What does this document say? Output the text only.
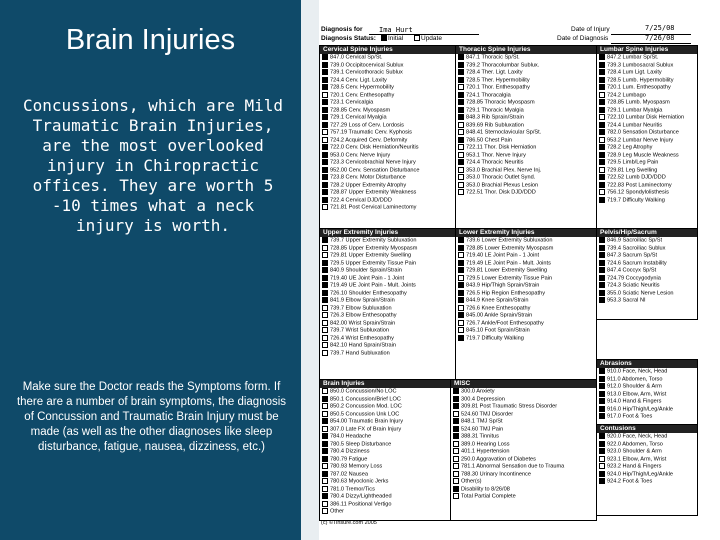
Brain Injuries
Concussions, which are Mild Traumatic Brain Injuries, are the most overlooked injury in Chiropractic offices. They are worth 5 -10 times what a neck injury is worth.
Make sure the Doctor reads the Symptoms form. If there are a number of brain symptoms, the diagnosis of Concussion and Traumatic Brain Injury must be made (as well as the other diagnoses like sleep disturbance, fatigue, nausea, dizziness, etc.)
Diagnosis for Ima Hurt
Diagnosis Status:	Initial	Update
Date of Injury	7/25/08
Date of Diagnosis	7/26/08
Cervical Spine Injuries
847.0 Cervical Sp/St.
739.0 Occipitocervical Sublux
739.1 Cervicothoracic Sublux
724.4 Cerv. Ligt. Laxity
728.5 Cerv. Hypermobility
720.1 Cerv. Enthesopathy
723.1 Cervicalgia
728.85 Cerv. Myospasm
729.1 Cervical Myalgia
727.29 Loss of Cerv. Lordosis
757.19 Traumatic Cerv. Kyphosis
724.2 Acquired Cerv. Deformity
722.0 Cerv. Disk Herniation/Neuritis
953.0 Cerv. Nerve Injury
723.3 Cervicobrachial Nerve Injury
952.00 Cerv. Sensation Disturbance
723.8 Cerv. Motor Disturbance
728.2 Upper Extremity Atrophy
728.87 Upper Extremity Weakness
722.4 Cervical DJD/DDD
721.81 Post Cervical Laminectomy
Thoracic Spine Injuries
847.1 Thoracic Sp/St.
739.2 Thoracolumbar Sublux.
728.4 Ther. Ligt. Laxity
728.5 Ther. Hypermobility
720.1 Thor. Enthesopathy
724.1 Thoracalgia
728.85 Thoracic Myospasm
729.1 Thoracic Myalgia
848.3 Rib Sprain/Strain
839.69 Rib Subluxation
848.41 Sternoclavicular Sp/St.
786.50 Chest Pain
722.11 Thor. Disk Herniation
953.1 Thor. Nerve Injury
724.4 Thoracic Neuritis
353.0 Brachial Plex. Nerve Inj.
353.0 Thoracic Outlet Synd.
353.0 Brachial Plexus Lesion
722.51 Thor. Disk DJD/DDD
Lumbar Spine Injuries
847.2 Lumbar Sp/St.
739.3 Lumbosacral Sublux
728.4 Lum Ligt. Laxity
728.5 Lumb. Hypermobility
720.1 Lum. Enthesopathy
724.2 Lumbago
728.85 Lumb. Myospasm
729.1 Lumbar Myalgia
722.10 Lumbar Disk Herniation
724.4 Lumbar Neuritis
782.0 Sensation Disturbance
953.2 Lumbar Nerve Injury
728.2 Leg Atrophy
728.9 Leg Muscle Weakness
729.5 Limb/Leg Pain
729.81 Leg Swelling
722.52 Lumb DJD/DDD
722.83 Post Laminectomy
756.12 Spondylolisthesis
719.7 Difficulty Walking
Upper Extremity Injuries
739.7 Upper Extremity Subluxation
728.85 Upper Extremity Myospasm
729.81 Upper Extremity Swelling
729.5 Upper Extremity Tissue Pain
840.9 Shoulder Sprain/Strain
719.40 UE Joint Pain - 1 Joint
719.49 UE Joint Pain - Mult. Joints
726.10 Shoulder Enthesopathy
841.9 Elbow Sprain/Strain
739.7 Elbow Subluxation
726.3 Elbow Enthesopathy
842.00 Wrist Sprain/Strain
739.7 Wrist Subluxation
726.4 Wrist Enthesopathy
842.10 Hand Sprain/Strain
739.7 Hand Subluxation
Lower Extremity Injuries
739.6 Lower Extremity Subluxation
728.85 Lower Extremity Myospasm
719.40 LE Joint Pain - 1 Joint
719.49 LE Joint Pain - Mult. Joints
729.81 Lower Extremity Swelling
729.5 Lower Extremity Tissue Pain
843.9 Hip/Thigh Sprain/Strain
726.5 Hip Region Enthesopathy
844.9 Knee Sprain/Strain
726.6 Knee Enthesopathy
845.00 Ankle Sprain/Strain
726.7 Ankle/Foot Enthesopathy
845.10 Foot Sprain/Strain
719.7 Difficulty Walking
Pelvis/Hip/Sacrum
846.9 Sacroiliac Sp/St
739.4 Sacroiliac Sublux
847.3 Sacrum Sp/St
724.6 Sacrum Instability
847.4 Coccyx Sp/St
724.79 Coccygodynia
724.3 Sciatic Neuritis
355.0 Sciatic Nerve Lesion
953.3 Sacral NI
Abrasions
910.0 Face, Neck, Head
911.0 Abdomen, Torso
912.0 Shoulder & Arm
913.0 Elbow, Arm, Wrist
914.0 Hand & Fingers
916.0 Hip/Thigh/Leg/Ankle
917.0 Foot & Toes
Contusions
920.0 Face, Neck, Head
922.0 Abdomen, Torso
923.0 Shoulder & Arm
923.1 Elbow, Arm, Wrist
923.2 Hand & Fingers
924.0 Hip/Thigh/Leg/Ankle
924.2 Foot & Toes
Brain Injuries
850.0 Concussion/No LOC
850.1 Concussion/Brief LOC
850.2 Concussion Mod. LOC
850.5 Concussion Unk LOC
854.00 Traumatic Brain Injury
307.0 Late FX of Brain Injury
784.0 Headache
780.5 Sleep Disturbance
780.4 Dizziness
780.79 Fatigue
780.93 Memory Loss
787.02 Nausea
780.63 Myoclonic Jerks
781.0 Tremor/Tics
780.4 Dizzy/Lightheaded
386.11 Positional Vertigo
Other
MISC
300.0 Anxiety
300.4 Depression
309.81 Post Traumatic Stress Disorder
524.60 TMJ Disorder
848.1 TMJ Sp/St
524.60 TMJ Pain
388.31 Tinnitus
389.0 Hearing Loss
401.1 Hypertension
250.0 Aggravation of Diabetes
781.1 Abnormal Sensation due to Trauma
788.30 Urinary Incontinence
Other(s)
Disability to 8/26/08
Total Partial Complete
(c) ©Tinsure.com 2005
